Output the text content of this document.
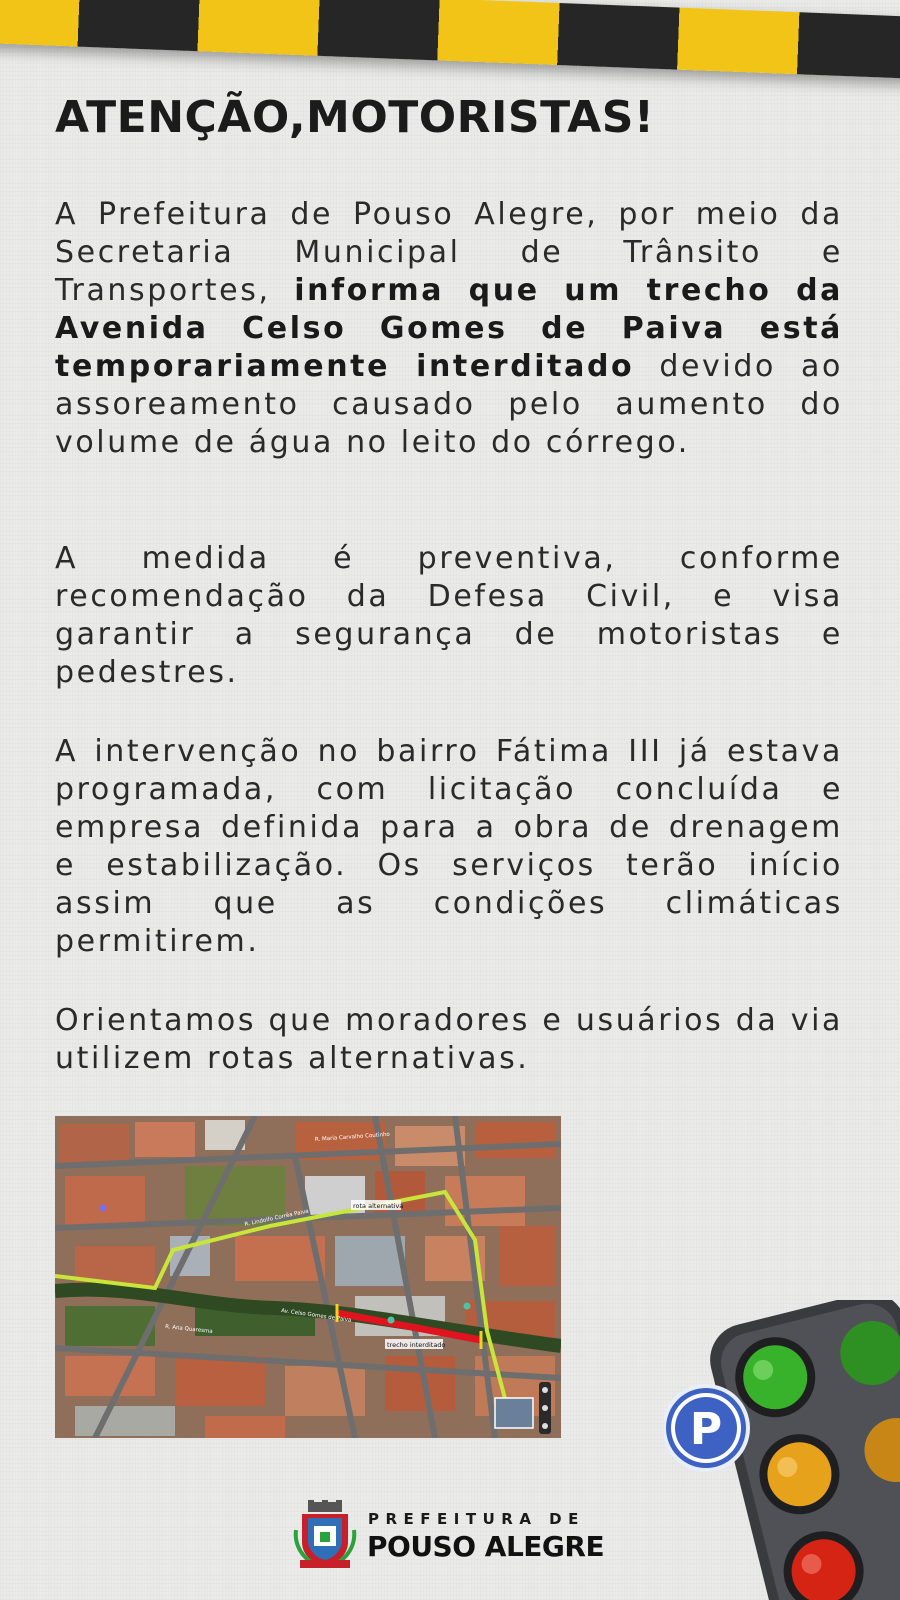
ATENÇÃO,MOTORISTAS!

A Prefeitura de Pouso Alegre, por meio da Secretaria Municipal de Trânsito e Transportes, informa que um trecho da Avenida Celso Gomes de Paiva está temporariamente interditado devido ao assoreamento causado pelo aumento do volume de água no leito do córrego.

A medida é preventiva, conforme recomendação da Defesa Civil, e visa garantir a segurança de motoristas e pedestres.

A intervenção no bairro Fátima III já estava programada, com licitação concluída e empresa definida para a obra de drenagem e estabilização. Os serviços terão início assim que as condições climáticas permitirem.

Orientamos que moradores e usuários da via utilizem rotas alternativas.

rota alternativa
trecho interditado
Av. Celso Gomes de Paiva
R. Lindolfo Corrêa Paiva
R. Maria Carvalho Coutinho
R. Ana Quaresma
P

PREFEITURA DE

POUSO ALEGRE
